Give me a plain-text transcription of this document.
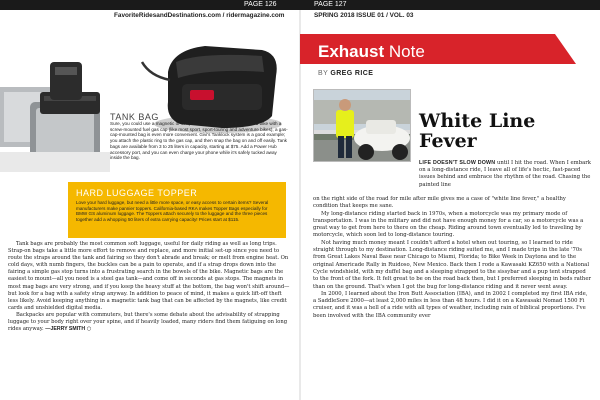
PAGE 126	PAGE 127
FavoriteRidesandDestinations.com / ridermagazine.com	SPRING 2018 ISSUE 01 / VOL. 03
TANK BAG
Sure, you could use a magnetic or strap-mount tank bag, but if you ride a bike with a screw-mounted fuel gas cap (like most sport, sport-touring and adventure bikes), a gas-cap-mounted bag is even more convenient. Givi's Tanklock system is a good example; you attach the plastic ring to the gas cap, and then snap the bag on and off easily. Tank bags are available from 3 to 25 liters in capacity, starting at $75. Add a Power Hub accessory port, and you can even charge your phone while it's safely tucked away inside the bag.
HARD LUGGAGE TOPPER
Love your hard luggage, but need a little more space, or easy access to certain items? Several manufacturers make pannier toppers. California-based RKA makes Topper Bags especially for BMW GS aluminum luggage. The Toppers attach securely to the luggage and the three pieces together add a whopping 50 liters of extra carrying capacity! Prices start at $115.

Tank bags are probably the most common soft luggage, useful for daily riding as well as long trips. Strap-on bags take a little more effort to remove and replace, and more initial set-up since you need to route the straps around the tank and fairing so they don't abrade and break; or melt from engine heat. On cold days, with numb fingers, the buckles can be a pain to operate, and if a strap drops down into the fairing a simple gas stop turns into a frustrating search in the bowels of the bike. Magnetic bags are the easiest to mount—all you need is a steel gas tank—and come off in seconds at gas stops. The magnets in most mag bags are very strong, and if you keep the heavy stuff at the bottom, the bag won't shift around—but look for a bag with a safety strap anyway. In addition to peace of mind, it makes a quick lift-off theft less likely. Avoid keeping anything in a magnetic tank bag that can be affected by the magnets, like credit cards and unshielded digital media.

Backpacks are popular with commuters, but there's some debate about the advisability of strapping luggage to your body right over your spine, and if heavily loaded, many riders find them fatiguing on long rides anyway. —JERRY SMITH ○

Exhaust Note
BY GREG RICE
White Line Fever
LIFE DOESN'T SLOW DOWN until I hit the road. When I embark on a long-distance ride, I leave all of life's hectic, fast-paced issues behind and embrace the rhythm of the road. Chasing the painted line
on the right side of the road for mile after mile gives me a case of "white line fever," a healthy condition that keeps me sane.

My long-distance riding started back in 1970s, when a motorcycle was my primary mode of transportation. I was in the military and did not have enough money for a car, so a motorcycle was a great way to get from here to there on the cheap. Riding around town eventually led to traveling by motorcycle, which soon led to long-distance touring.

Not having much money meant I couldn't afford a hotel when out touring, so I learned to ride straight through to my destination. Long-distance riding suited me, and I made trips in the late '70s from Great Lakes Naval Base near Chicago to Miami, Florida; to Bike Week in Daytona and to the original Americade Rally in Ruidoso, New Mexico. Back then I rode a Kawasaki KZ650 with a National Cycle windshield, with my duffel bag and a sleeping strapped to the sissybar and a pup tent strapped to the front of the fork. It felt great to be on the road back then, but I preferred sleeping in beds rather than on the ground. That's when I got the bug for long-distance riding and it never went away.

In 2000, I learned about the Iron Butt Association (IBA), and in 2002 I completed my first IBA ride, a SaddleSore 2000—at least 2,000 miles in less than 48 hours. I did it on a Kawasaki Nomad 1500 Fi cruiser, and it was a hell of a ride with all types of weather, including rain of biblical proportions. I've been involved with the IBA community ever
